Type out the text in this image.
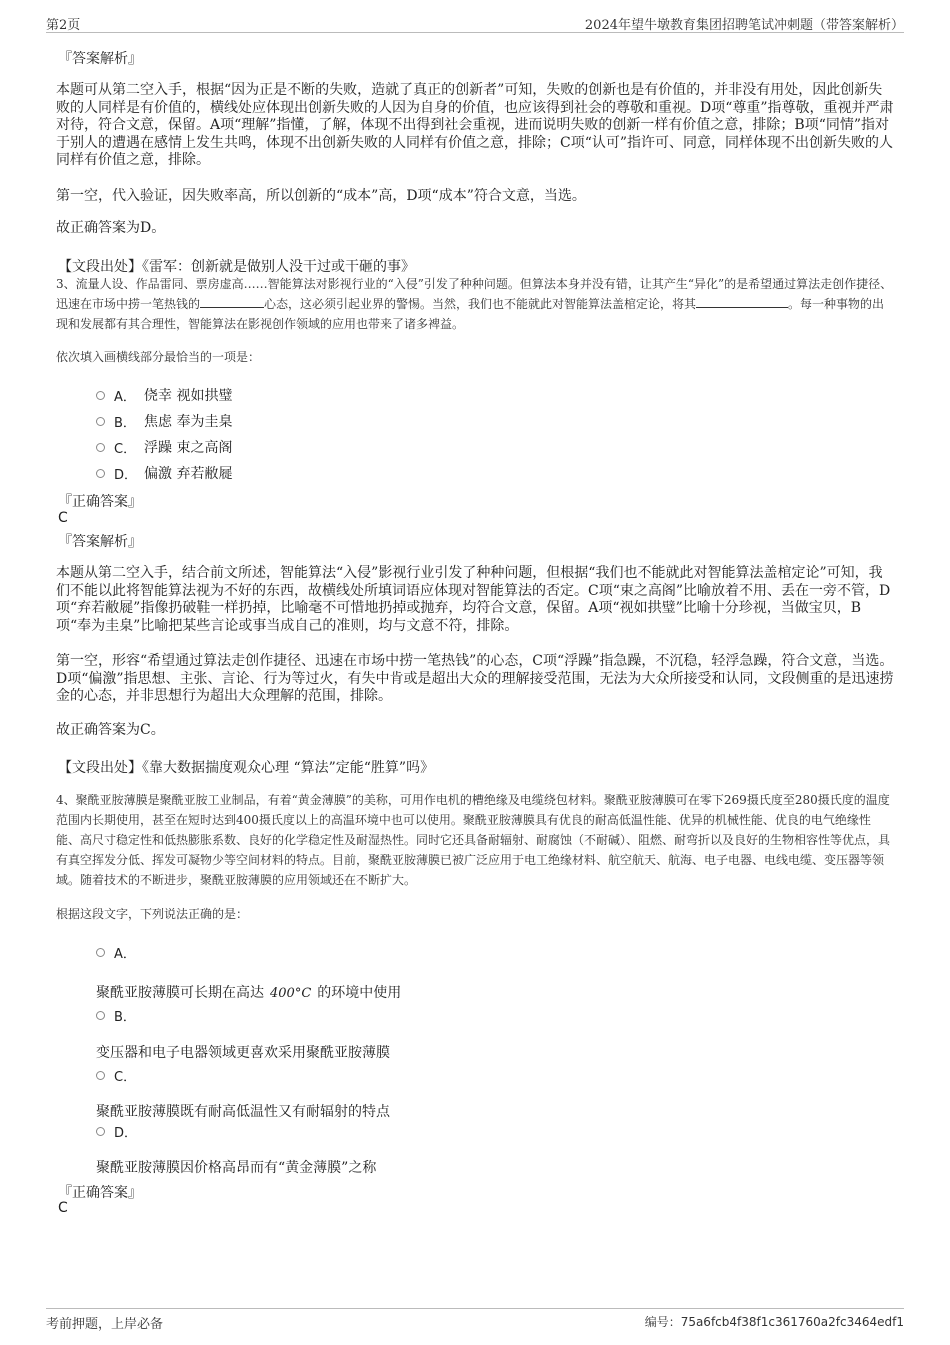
第2页	2024年望牛墩教育集团招聘笔试冲刺题（带答案解析）
『答案解析』

本题可从第二空入手，根据“因为正是不断的失败，造就了真正的创新者”可知，失败的创新也是有价值的，并非没有用处，因此创新失败的人同样是有价值的，横线处应体现出创新失败的人因为自身的价值，也应该得到社会的尊敬和重视。D项“尊重”指尊敬，重视并严肃对待，符合文意，保留。A项“理解”指懂，了解，体现不出得到社会重视，进而说明失败的创新一样有价值之意，排除；B项“同情”指对于别人的遭遇在感情上发生共鸣，体现不出创新失败的人同样有价值之意，排除；C项“认可”指许可、同意，同样体现不出创新失败的人同样有价值之意，排除。

第一空，代入验证，因失败率高，所以创新的“成本”高，D项“成本”符合文意，当选。

故正确答案为D。

【文段出处】《雷军：创新就是做别人没干过或干砸的事》

3、流量人设、作品雷同、票房虚高……智能算法对影视行业的“入侵”引发了种种问题。但算法本身并没有错，让其产生“异化”的是希望通过算法走创作捷径、迅速在市场中捞一笔热钱的	心态，这必须引起业界的警惕。当然，我们也不能就此对智能算法盖棺定论，将其	。每一种事物的出现和发展都有其合理性，智能算法在影视创作领域的应用也带来了诸多裨益。

依次填入画横线部分最恰当的一项是：

A． 侥幸 视如拱璧
B． 焦虑 奉为圭臬
C． 浮躁 束之高阁
D． 偏激 弃若敝屣
『正确答案』
C
『答案解析』

本题从第二空入手，结合前文所述，智能算法“入侵”影视行业引发了种种问题，但根据“我们也不能就此对智能算法盖棺定论”可知，我们不能以此将智能算法视为不好的东西，故横线处所填词语应体现对智能算法的否定。C项“束之高阁”比喻放着不用、丢在一旁不管，D项“弃若敝屣”指像扔破鞋一样扔掉，比喻毫不可惜地扔掉或抛弃，均符合文意，保留。A项“视如拱璧”比喻十分珍视，当做宝贝，B项“奉为圭臬”比喻把某些言论或事当成自己的准则，均与文意不符，排除。

第一空，形容“希望通过算法走创作捷径、迅速在市场中捞一笔热钱”的心态，C项“浮躁”指急躁，不沉稳，轻浮急躁，符合文意，当选。D项“偏激”指思想、主张、言论、行为等过火，有失中肯或是超出大众的理解接受范围，无法为大众所接受和认同，文段侧重的是迅速捞金的心态，并非思想行为超出大众理解的范围，排除。

故正确答案为C。

【文段出处】《靠大数据揣度观众心理 “算法”定能“胜算”吗》

4、聚酰亚胺薄膜是聚酰亚胺工业制品，有着“黄金薄膜”的美称，可用作电机的槽绝缘及电缆绕包材料。聚酰亚胺薄膜可在零下269摄氏度至280摄氏度的温度范围内长期使用，甚至在短时达到400摄氏度以上的高温环境中也可以使用。聚酰亚胺薄膜具有优良的耐高低温性能、优异的机械性能、优良的电气绝缘性能、高尺寸稳定性和低热膨胀系数、良好的化学稳定性及耐湿热性。同时它还具备耐辐射、耐腐蚀（不耐碱）、阻燃、耐弯折以及良好的生物相容性等优点，具有真空挥发分低、挥发可凝物少等空间材料的特点。目前，聚酰亚胺薄膜已被广泛应用于电工绝缘材料、航空航天、航海、电子电器、电线电缆、变压器等领域。随着技术的不断进步，聚酰亚胺薄膜的应用领域还在不断扩大。

根据这段文字，下列说法正确的是：

A．
聚酰亚胺薄膜可长期在高达 400°C 的环境中使用
B．
变压器和电子电器领域更喜欢采用聚酰亚胺薄膜
C．
聚酰亚胺薄膜既有耐高低温性又有耐辐射的特点
D．
聚酰亚胺薄膜因价格高昂而有“黄金薄膜”之称
『正确答案』
C
考前押题，上岸必备	编号：75a6fcb4f38f1c361760a2fc3464edf1
